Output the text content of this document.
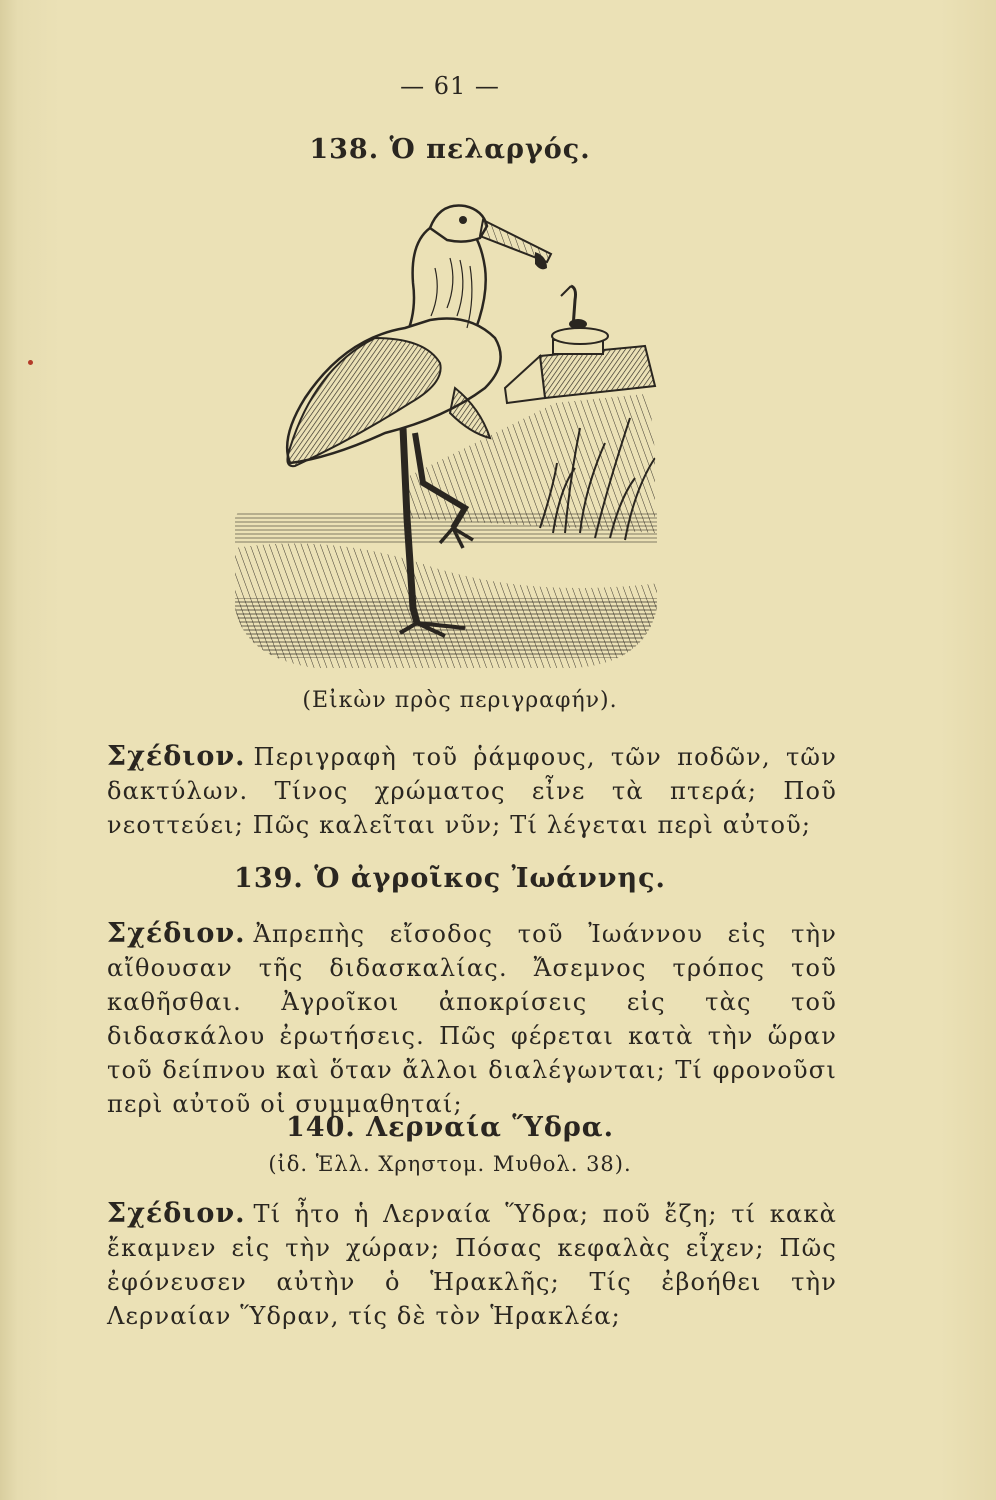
— 61 —
138. Ὁ πελαργός.
(Εἰκὼν πρὸς περιγραφήν).
Σχέδιον. Περιγραφὴ τοῦ ῥάμφους, τῶν ποδῶν, τῶν δακτύλων. Τίνος χρώματος εἶνε τὰ πτερά; Ποῦ νεοττεύει; Πῶς καλεῖται νῦν; Τί λέγεται περὶ αὐτοῦ;
139. Ὁ ἀγροῖκος Ἰωάννης.
Σχέδιον. Ἀπρεπὴς εἴσοδος τοῦ Ἰωάννου εἰς τὴν αἴθουσαν τῆς διδασκαλίας. Ἄσεμνος τρόπος τοῦ καθῆσθαι. Ἀγροῖκοι ἀποκρίσεις εἰς τὰς τοῦ διδασκάλου ἐρωτήσεις. Πῶς φέρεται κατὰ τὴν ὥραν τοῦ δείπνου καὶ ὅταν ἄλλοι διαλέγωνται; Τί φρονοῦσι περὶ αὐτοῦ οἱ συμμαθηταί;
140. Λερναία Ὕδρα.
(ἰδ. Ἑλλ. Χρηστομ. Μυθολ. 38).
Σχέδιον. Τί ἦτο ἡ Λερναία Ὕδρα; ποῦ ἔζη; τί κακὰ ἔκαμνεν εἰς τὴν χώραν; Πόσας κεφαλὰς εἶχεν; Πῶς ἐφόνευσεν αὐτὴν ὁ Ἡρακλῆς; Τίς ἐβοήθει τὴν Λερναίαν Ὕδραν, τίς δὲ τὸν Ἡρακλέα;
